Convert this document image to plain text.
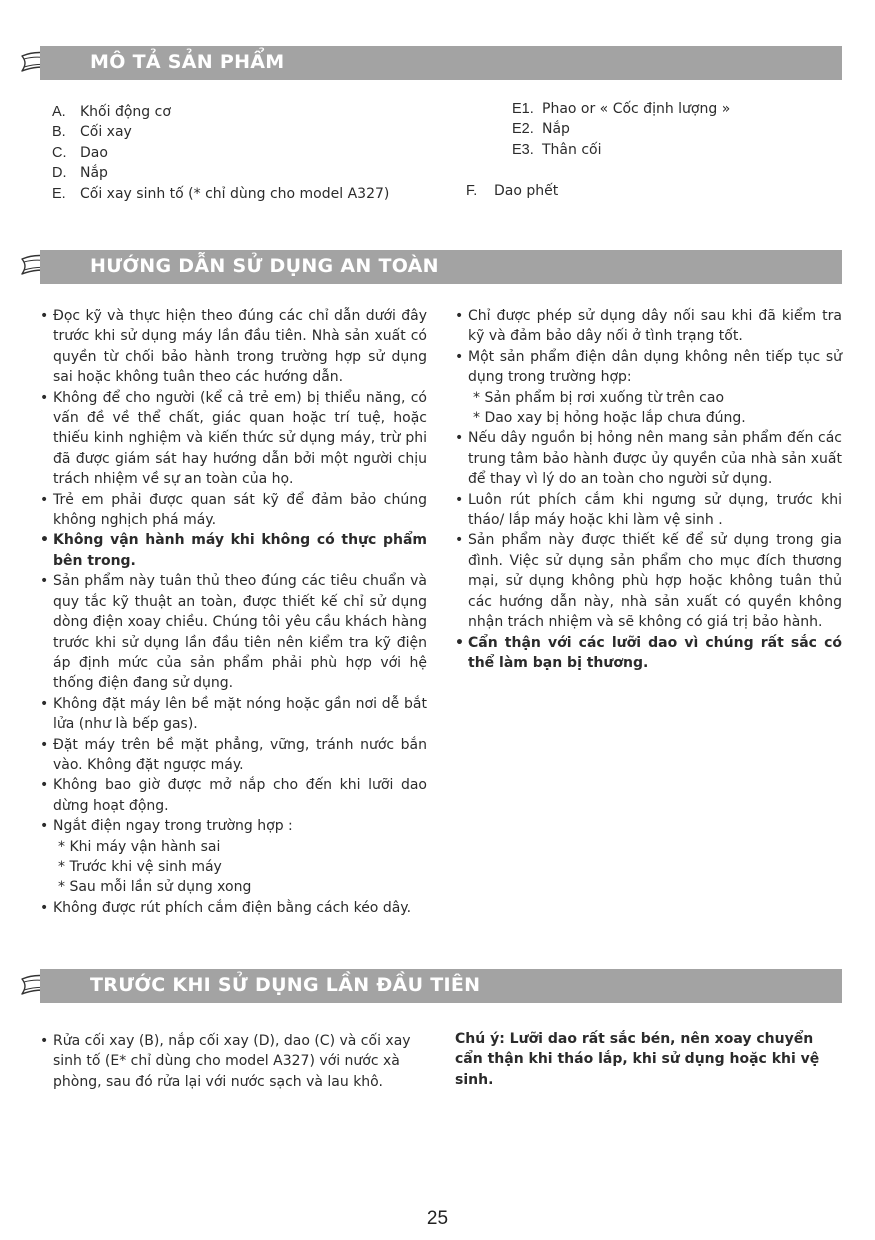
MÔ TẢ SẢN PHẨM
A. Khối động cơ
B. Cối xay
C. Dao
D. Nắp
E. Cối xay sinh tố (* chỉ dùng cho model A327)
E1. Phao or « Cốc định lượng »
E2. Nắp
E3. Thân cối
F. Dao phết
HƯỚNG DẪN SỬ DỤNG AN TOÀN
• Đọc kỹ và thực hiện theo đúng các chỉ dẫn dưới đây trước khi sử dụng máy lần đầu tiên. Nhà sản xuất có quyền từ chối bảo hành trong trường hợp sử dụng sai hoặc không tuân theo các hướng dẫn.
• Không để cho người (kể cả trẻ em) bị thiểu năng, có vấn đề về thể chất, giác quan hoặc trí tuệ, hoặc thiếu kinh nghiệm và kiến thức sử dụng máy, trừ phi đã được giám sát hay hướng dẫn bởi một người chịu trách nhiệm về sự an toàn của họ.
• Trẻ em phải được quan sát kỹ để đảm bảo chúng không nghịch phá máy.
• Không vận hành máy khi không có thực phẩm bên trong.
• Sản phẩm này tuân thủ theo đúng các tiêu chuẩn và quy tắc kỹ thuật an toàn, được thiết kế chỉ sử dụng dòng điện xoay chiều. Chúng tôi yêu cầu khách hàng trước khi sử dụng lần đầu tiên nên kiểm tra kỹ điện áp định mức của sản phẩm phải phù hợp với hệ thống điện đang sử dụng.
• Không đặt máy lên bề mặt nóng hoặc gần nơi dễ bắt lửa (như là bếp gas).
• Đặt máy trên bề mặt phẳng, vững, tránh nước bắn vào. Không đặt ngược máy.
• Không bao giờ được mở nắp cho đến khi lưỡi dao dừng hoạt động.
• Ngắt điện ngay trong trường hợp :
* Khi máy vận hành sai
* Trước khi vệ sinh máy
* Sau mỗi lần sử dụng xong
• Không được rút phích cắm điện bằng cách kéo dây.
• Chỉ được phép sử dụng dây nối sau khi đã kiểm tra kỹ và đảm bảo dây nối ở tình trạng tốt.
• Một sản phẩm điện dân dụng không nên tiếp tục sử dụng trong trường hợp:
* Sản phẩm bị rơi xuống từ trên cao
* Dao xay bị hỏng hoặc lắp chưa đúng.
• Nếu dây nguồn bị hỏng nên mang sản phẩm đến các trung tâm bảo hành được ủy quyền của nhà sản xuất để thay vì lý do an toàn cho người sử dụng.
• Luôn rút phích cắm khi ngưng sử dụng, trước khi tháo/ lắp máy hoặc khi làm vệ sinh .
• Sản phẩm này được thiết kế để sử dụng trong gia đình. Việc sử dụng sản phẩm cho mục đích thương mại, sử dụng không phù hợp hoặc không tuân thủ các hướng dẫn này, nhà sản xuất có quyền không nhận trách nhiệm và sẽ không có giá trị bảo hành.
• Cẩn thận với các lưỡi dao vì chúng rất sắc có thể làm bạn bị thương.
TRƯỚC KHI SỬ DỤNG LẦN ĐẦU TIÊN
• Rửa cối xay (B), nắp cối xay (D), dao (C) và cối xay sinh tố (E* chỉ dùng cho model A327) với nước xà phòng, sau đó rửa lại với nước sạch và lau khô.
Chú ý: Lưỡi dao rất sắc bén, nên xoay chuyển cẩn thận khi tháo lắp, khi sử dụng hoặc khi vệ sinh.
25
